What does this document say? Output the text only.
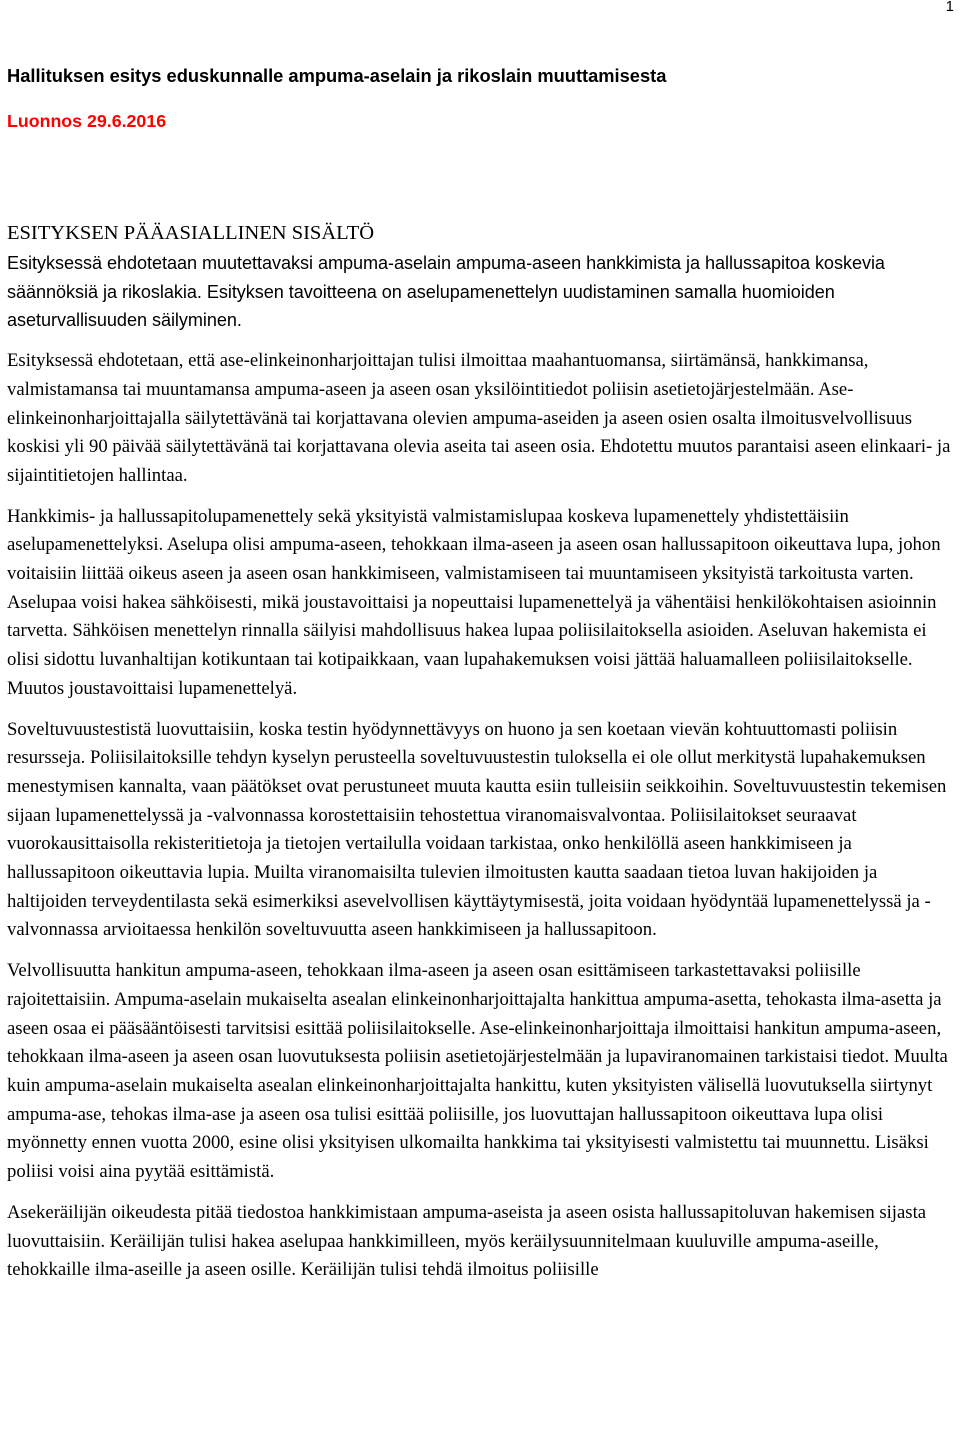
1
Hallituksen esitys eduskunnalle ampuma-aselain ja rikoslain muuttamisesta

Luonnos 29.6.2016

ESITYKSEN PÄÄASIALLINEN SISÄLTÖ

Esityksessä ehdotetaan muutettavaksi ampuma-aselain ampuma-aseen hankkimista ja hallussapitoa koskevia säännöksiä ja rikoslakia. Esityksen tavoitteena on aselupamenettelyn uudistaminen samalla huomioiden aseturvallisuuden säilyminen.

Esityksessä ehdotetaan, että ase-elinkeinonharjoittajan tulisi ilmoittaa maahantuomansa, siirtämänsä, hankkimansa, valmistamansa tai muuntamansa ampuma-aseen ja aseen osan yksilöintitiedot poliisin asetietojärjestelmään. Ase-elinkeinonharjoittajalla säilytettävänä tai korjattavana olevien ampuma-aseiden ja aseen osien osalta ilmoitusvelvollisuus koskisi yli 90 päivää säilytettävänä tai korjattavana olevia aseita tai aseen osia. Ehdotettu muutos parantaisi aseen elinkaari- ja sijaintitietojen hallintaa.

Hankkimis- ja hallussapitolupamenettely sekä yksityistä valmistamislupaa koskeva lupamenettely yhdistettäisiin aselupamenettelyksi. Aselupa olisi ampuma-aseen, tehokkaan ilma-aseen ja aseen osan hallussapitoon oikeuttava lupa, johon voitaisiin liittää oikeus aseen ja aseen osan hankkimiseen, valmistamiseen tai muuntamiseen yksityistä tarkoitusta varten. Aselupaa voisi hakea sähköisesti, mikä joustavoittaisi ja nopeuttaisi lupamenettelyä ja vähentäisi henkilökohtaisen asioinnin tarvetta. Sähköisen menettelyn rinnalla säilyisi mahdollisuus hakea lupaa poliisilaitoksella asioiden. Aseluvan hakemista ei olisi sidottu luvanhaltijan kotikuntaan tai kotipaikkaan, vaan lupahakemuksen voisi jättää haluamalleen poliisilaitokselle. Muutos joustavoittaisi lupamenettelyä.

Soveltuvuustestistä luovuttaisiin, koska testin hyödynnettävyys on huono ja sen koetaan vievän kohtuuttomasti poliisin resursseja. Poliisilaitoksille tehdyn kyselyn perusteella soveltuvuustestin tuloksella ei ole ollut merkitystä lupahakemuksen menestymisen kannalta, vaan päätökset ovat perustuneet muuta kautta esiin tulleisiin seikkoihin. Soveltuvuustestin tekemisen sijaan lupamenettelyssä ja -valvonnassa korostettaisiin tehostettua viranomaisvalvontaa. Poliisilaitokset seuraavat vuorokausittaisolla rekisteritietoja ja tietojen vertailulla voidaan tarkistaa, onko henkilöllä aseen hankkimiseen ja hallussapitoon oikeuttavia lupia. Muilta viranomaisilta tulevien ilmoitusten kautta saadaan tietoa luvan hakijoiden ja haltijoiden terveydentilasta sekä esimerkiksi asevelvollisen käyttäytymisestä, joita voidaan hyödyntää lupamenettelyssä ja -valvonnassa arvioitaessa henkilön soveltuvuutta aseen hankkimiseen ja hallussapitoon.

Velvollisuutta hankitun ampuma-aseen, tehokkaan ilma-aseen ja aseen osan esittämiseen tarkastettavaksi poliisille rajoitettaisiin. Ampuma-aselain mukaiselta asealan elinkeinonharjoittajalta hankittua ampuma-asetta, tehokasta ilma-asetta ja aseen osaa ei pääsääntöisesti tarvitsisi esittää poliisilaitokselle. Ase-elinkeinonharjoittaja ilmoittaisi hankitun ampuma-aseen, tehokkaan ilma-aseen ja aseen osan luovutuksesta poliisin asetietojärjestelmään ja lupaviranomainen tarkistaisi tiedot. Muulta kuin ampuma-aselain mukaiselta asealan elinkeinonharjoittajalta hankittu, kuten yksityisten välisellä luovutuksella siirtynyt ampuma-ase, tehokas ilma-ase ja aseen osa tulisi esittää poliisille, jos luovuttajan hallussapitoon oikeuttava lupa olisi myönnetty ennen vuotta 2000, esine olisi yksityisen ulkomailta hankkima tai yksityisesti valmistettu tai muunnettu. Lisäksi poliisi voisi aina pyytää esittämistä.

Asekeräilijän oikeudesta pitää tiedostoa hankkimistaan ampuma-aseista ja aseen osista hallussapitoluvan hakemisen sijasta luovuttaisiin. Keräilijän tulisi hakea aselupaa hankkimilleen, myös keräilysuunnitelmaan kuuluville ampuma-aseille, tehokkaille ilma-aseille ja aseen osille. Keräilijän tulisi tehdä ilmoitus poliisille
